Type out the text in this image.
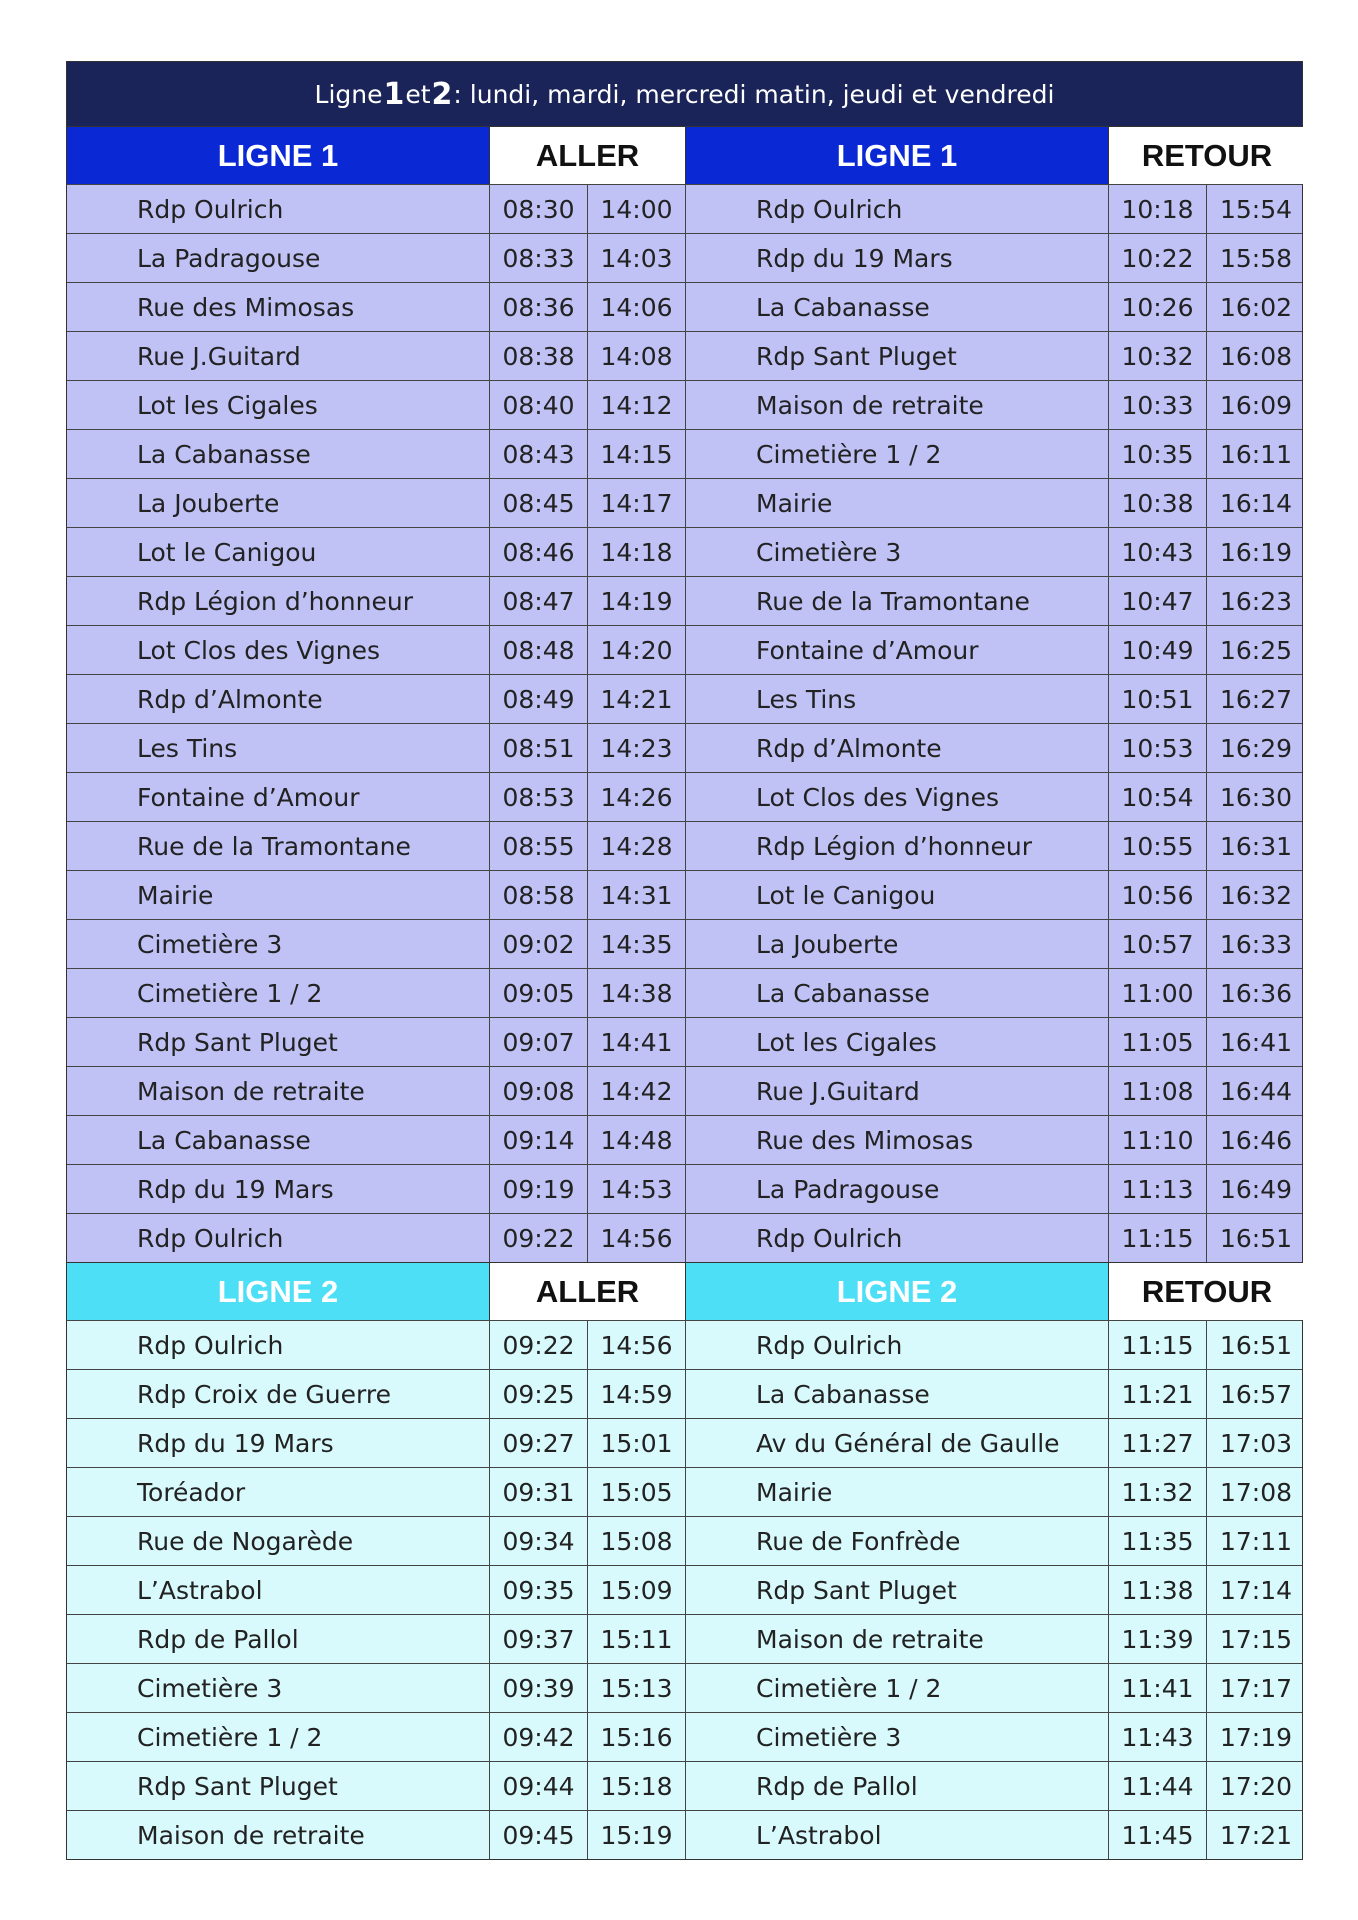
Ligne 1 et 2 : lundi, mardi, mercredi matin, jeudi et vendredi
LIGNE 1	ALLER	LIGNE 1	RETOUR
Rdp Oulrich	08:30	14:00	Rdp Oulrich	10:18	15:54
La Padragouse	08:33	14:03	Rdp du 19 Mars	10:22	15:58
Rue des Mimosas	08:36	14:06	La Cabanasse	10:26	16:02
Rue J.Guitard	08:38	14:08	Rdp Sant Pluget	10:32	16:08
Lot les Cigales	08:40	14:12	Maison de retraite	10:33	16:09
La Cabanasse	08:43	14:15	Cimetière 1 / 2	10:35	16:11
La Jouberte	08:45	14:17	Mairie	10:38	16:14
Lot le Canigou	08:46	14:18	Cimetière 3	10:43	16:19
Rdp Légion d’honneur	08:47	14:19	Rue de la Tramontane	10:47	16:23
Lot Clos des Vignes	08:48	14:20	Fontaine d’Amour	10:49	16:25
Rdp d’Almonte	08:49	14:21	Les Tins	10:51	16:27
Les Tins	08:51	14:23	Rdp d’Almonte	10:53	16:29
Fontaine d’Amour	08:53	14:26	Lot Clos des Vignes	10:54	16:30
Rue de la Tramontane	08:55	14:28	Rdp Légion d’honneur	10:55	16:31
Mairie	08:58	14:31	Lot le Canigou	10:56	16:32
Cimetière 3	09:02	14:35	La Jouberte	10:57	16:33
Cimetière 1 / 2	09:05	14:38	La Cabanasse	11:00	16:36
Rdp Sant Pluget	09:07	14:41	Lot les Cigales	11:05	16:41
Maison de retraite	09:08	14:42	Rue J.Guitard	11:08	16:44
La Cabanasse	09:14	14:48	Rue des Mimosas	11:10	16:46
Rdp du 19 Mars	09:19	14:53	La Padragouse	11:13	16:49
Rdp Oulrich	09:22	14:56	Rdp Oulrich	11:15	16:51
LIGNE 2	ALLER	LIGNE 2	RETOUR
Rdp Oulrich	09:22	14:56	Rdp Oulrich	11:15	16:51
Rdp Croix de Guerre	09:25	14:59	La Cabanasse	11:21	16:57
Rdp du 19 Mars	09:27	15:01	Av du Général de Gaulle	11:27	17:03
Toréador	09:31	15:05	Mairie	11:32	17:08
Rue de Nogarède	09:34	15:08	Rue de Fonfrède	11:35	17:11
L’Astrabol	09:35	15:09	Rdp Sant Pluget	11:38	17:14
Rdp de Pallol	09:37	15:11	Maison de retraite	11:39	17:15
Cimetière 3	09:39	15:13	Cimetière 1 / 2	11:41	17:17
Cimetière 1 / 2	09:42	15:16	Cimetière 3	11:43	17:19
Rdp Sant Pluget	09:44	15:18	Rdp de Pallol	11:44	17:20
Maison de retraite	09:45	15:19	L’Astrabol	11:45	17:21
